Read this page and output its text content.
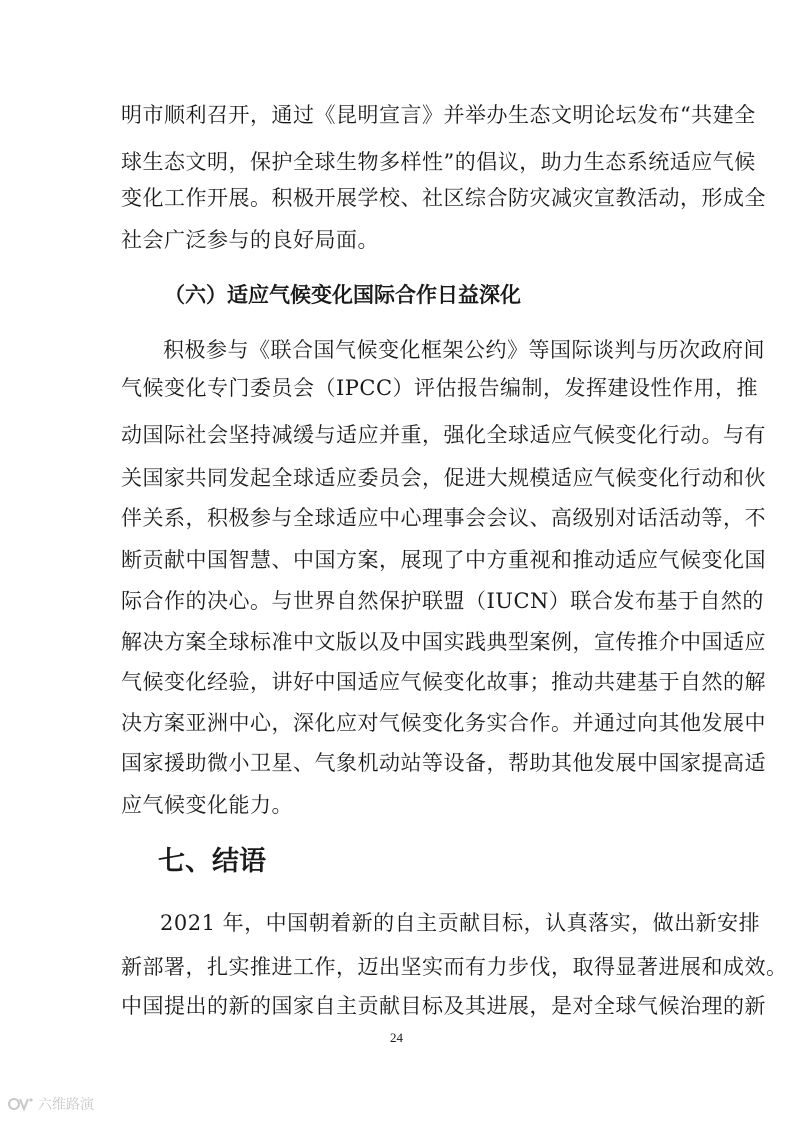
明市顺利召开，通过《昆明宣言》并举办生态文明论坛发布“共建全
球生态文明，保护全球生物多样性”的倡议，助力生态系统适应气候
变化工作开展。积极开展学校、社区综合防灾减灾宣教活动，形成全
社会广泛参与的良好局面。
（六）适应气候变化国际合作日益深化
积极参与《联合国气候变化框架公约》等国际谈判与历次政府间
气候变化专门委员会（IPCC）评估报告编制，发挥建设性作用，推
动国际社会坚持减缓与适应并重，强化全球适应气候变化行动。与有
关国家共同发起全球适应委员会，促进大规模适应气候变化行动和伙
伴关系，积极参与全球适应中心理事会会议、高级别对话活动等，不
断贡献中国智慧、中国方案，展现了中方重视和推动适应气候变化国
际合作的决心。与世界自然保护联盟（IUCN）联合发布基于自然的
解决方案全球标准中文版以及中国实践典型案例，宣传推介中国适应
气候变化经验，讲好中国适应气候变化故事；推动共建基于自然的解
决方案亚洲中心，深化应对气候变化务实合作。并通过向其他发展中
国家援助微小卫星、气象机动站等设备，帮助其他发展中国家提高适
应气候变化能力。
七、结语
2021 年，中国朝着新的自主贡献目标，认真落实，做出新安排
新部署，扎实推进工作，迈出坚实而有力步伐，取得显著进展和成效。
中国提出的新的国家自主贡献目标及其进展，是对全球气候治理的新
24
六维路演
